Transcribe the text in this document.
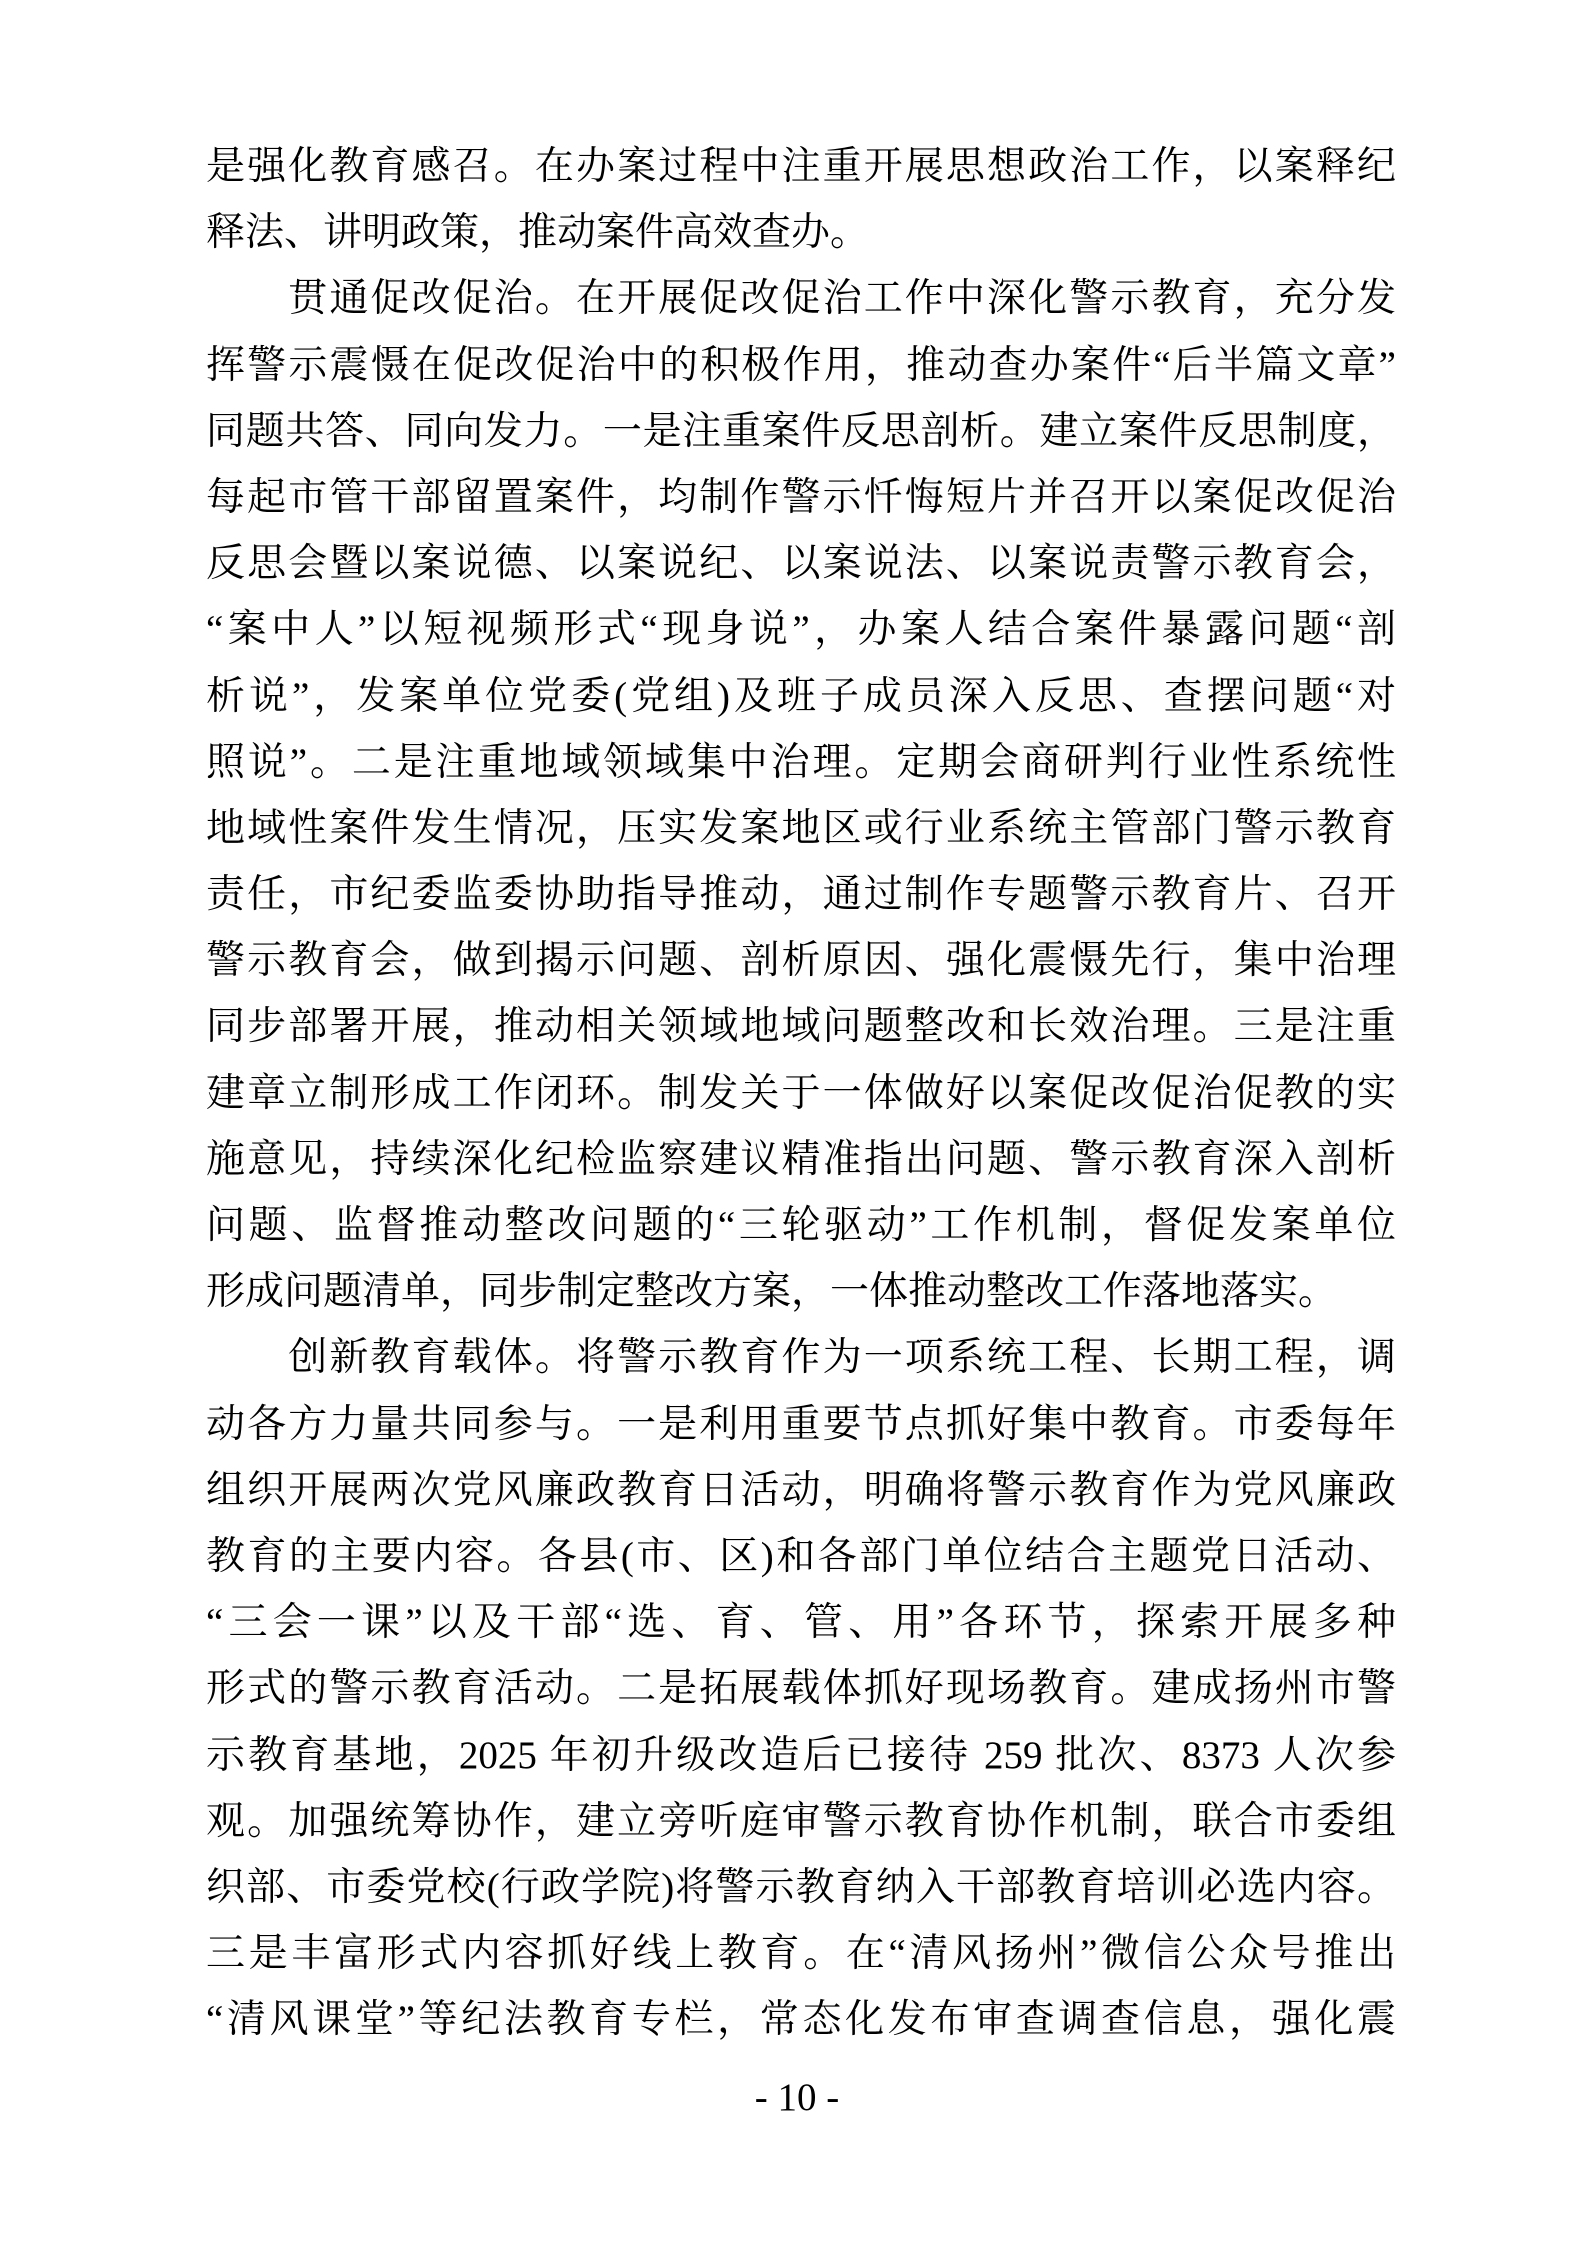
是强化教育感召。在办案过程中注重开展思想政治工作，以案释纪
释法、讲明政策，推动案件高效查办。
　　贯通促改促治。在开展促改促治工作中深化警示教育，充分发
挥警示震慑在促改促治中的积极作用，推动查办案件“后半篇文章”
同题共答、同向发力。一是注重案件反思剖析。建立案件反思制度，
每起市管干部留置案件，均制作警示忏悔短片并召开以案促改促治
反思会暨以案说德、以案说纪、以案说法、以案说责警示教育会，
“案中人”以短视频形式“现身说”，办案人结合案件暴露问题“剖
析说”，发案单位党委(党组)及班子成员深入反思、查摆问题“对
照说”。二是注重地域领域集中治理。定期会商研判行业性系统性
地域性案件发生情况，压实发案地区或行业系统主管部门警示教育
责任，市纪委监委协助指导推动，通过制作专题警示教育片、召开
警示教育会，做到揭示问题、剖析原因、强化震慑先行，集中治理
同步部署开展，推动相关领域地域问题整改和长效治理。三是注重
建章立制形成工作闭环。制发关于一体做好以案促改促治促教的实
施意见，持续深化纪检监察建议精准指出问题、警示教育深入剖析
问题、监督推动整改问题的“三轮驱动”工作机制，督促发案单位
形成问题清单，同步制定整改方案，一体推动整改工作落地落实。
　　创新教育载体。将警示教育作为一项系统工程、长期工程，调
动各方力量共同参与。一是利用重要节点抓好集中教育。市委每年
组织开展两次党风廉政教育日活动，明确将警示教育作为党风廉政
教育的主要内容。各县(市、区)和各部门单位结合主题党日活动、
“三会一课”以及干部“选、育、管、用”各环节，探索开展多种
形式的警示教育活动。二是拓展载体抓好现场教育。建成扬州市警
示教育基地，2025 年初升级改造后已接待 259 批次、8373 人次参
观。加强统筹协作，建立旁听庭审警示教育协作机制，联合市委组
织部、市委党校(行政学院)将警示教育纳入干部教育培训必选内容。
三是丰富形式内容抓好线上教育。在“清风扬州”微信公众号推出
“清风课堂”等纪法教育专栏，常态化发布审查调查信息，强化震
- 10 -
